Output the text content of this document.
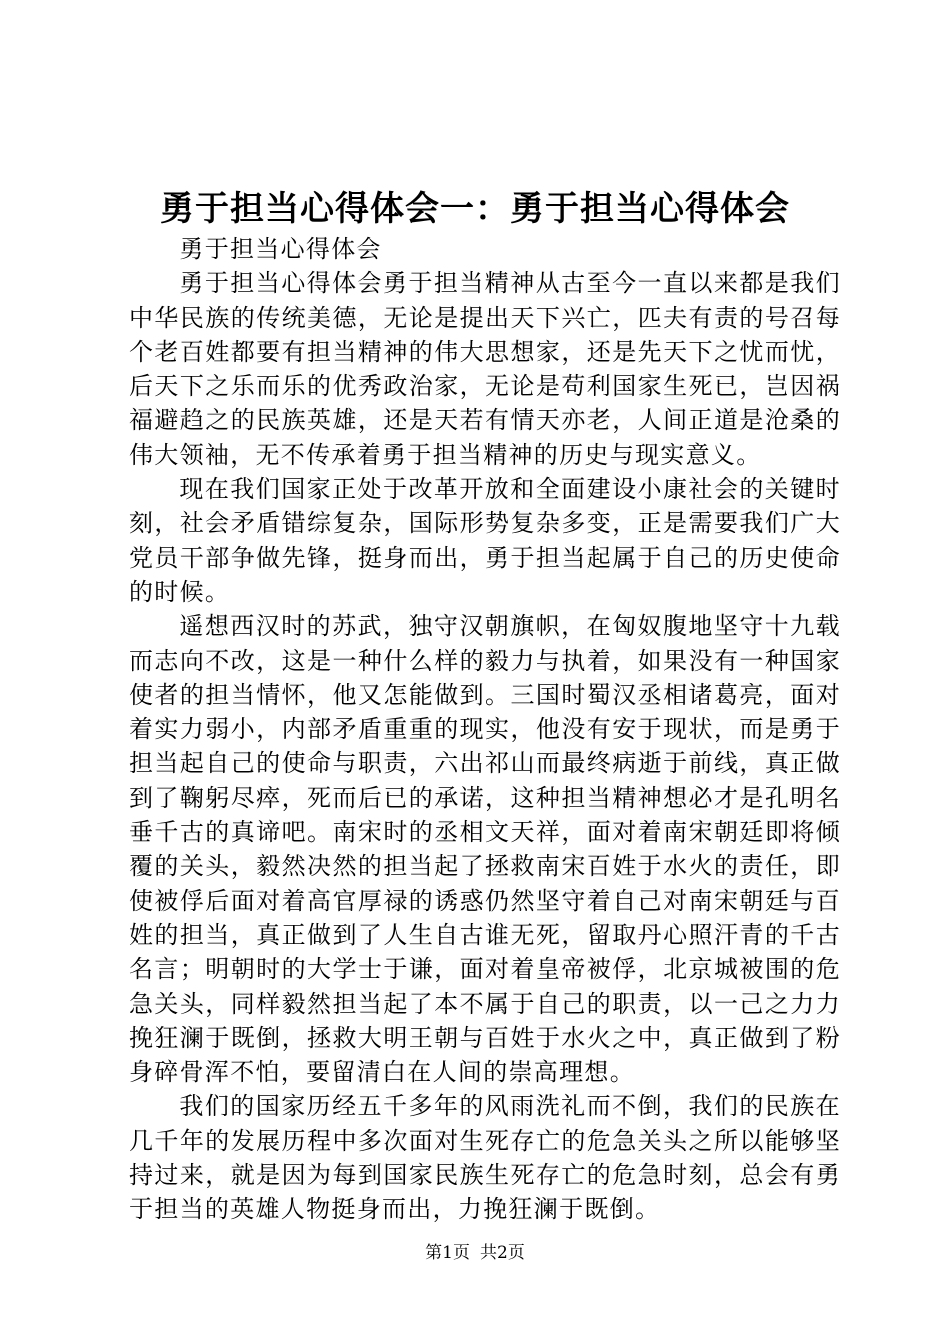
勇于担当心得体会一：勇于担当心得体会

勇于担当心得体会

勇于担当心得体会勇于担当精神从古至今一直以来都是我们中华民族的传统美德，无论是提出天下兴亡，匹夫有责的号召每个老百姓都要有担当精神的伟大思想家，还是先天下之忧而忧，后天下之乐而乐的优秀政治家，无论是苟利国家生死已，岂因祸福避趋之的民族英雄，还是天若有情天亦老，人间正道是沧桑的伟大领袖，无不传承着勇于担当精神的历史与现实意义。

现在我们国家正处于改革开放和全面建设小康社会的关键时刻，社会矛盾错综复杂，国际形势复杂多变，正是需要我们广大党员干部争做先锋，挺身而出，勇于担当起属于自己的历史使命的时候。

遥想西汉时的苏武，独守汉朝旗帜，在匈奴腹地坚守十九载而志向不改，这是一种什么样的毅力与执着，如果没有一种国家使者的担当情怀，他又怎能做到。三国时蜀汉丞相诸葛亮，面对着实力弱小，内部矛盾重重的现实，他没有安于现状，而是勇于担当起自己的使命与职责，六出祁山而最终病逝于前线，真正做到了鞠躬尽瘁，死而后已的承诺，这种担当精神想必才是孔明名垂千古的真谛吧。南宋时的丞相文天祥，面对着南宋朝廷即将倾覆的关头，毅然决然的担当起了拯救南宋百姓于水火的责任，即使被俘后面对着高官厚禄的诱惑仍然坚守着自己对南宋朝廷与百姓的担当，真正做到了人生自古谁无死，留取丹心照汗青的千古名言；明朝时的大学士于谦，面对着皇帝被俘，北京城被围的危急关头，同样毅然担当起了本不属于自己的职责，以一己之力力挽狂澜于既倒，拯救大明王朝与百姓于水火之中，真正做到了粉身碎骨浑不怕，要留清白在人间的崇高理想。

我们的国家历经五千多年的风雨洗礼而不倒，我们的民族在几千年的发展历程中多次面对生死存亡的危急关头之所以能够坚持过来，就是因为每到国家民族生死存亡的危急时刻，总会有勇于担当的英雄人物挺身而出，力挽狂澜于既倒。

第1页 共2页
